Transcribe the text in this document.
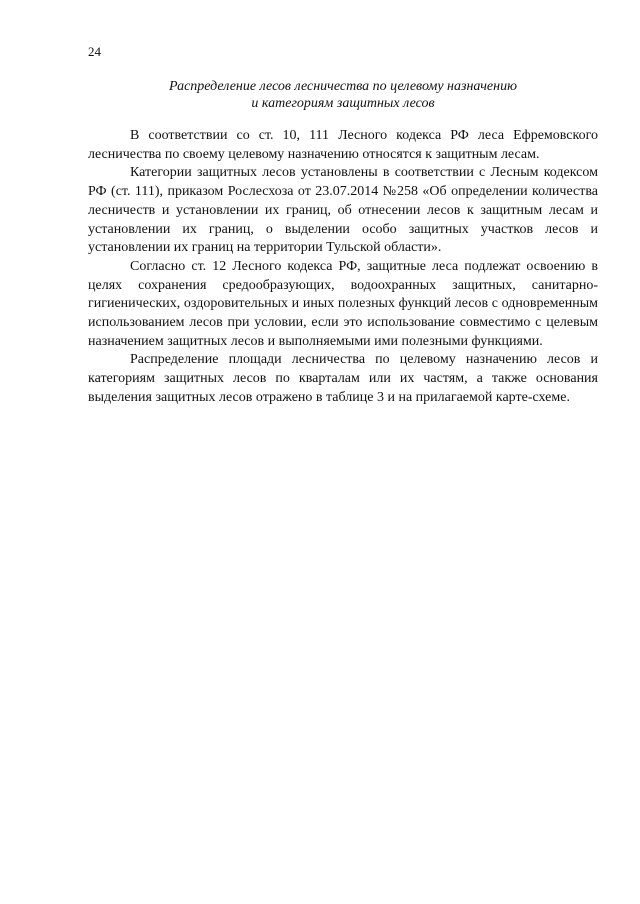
24
Распределение лесов лесничества по целевому назначению
и категориям защитных лесов

В соответствии со ст. 10, 111 Лесного кодекса РФ леса Ефремовского лесничества по своему целевому назначению относятся к защитным лесам.

Категории защитных лесов установлены в соответствии с Лесным кодексом РФ (ст. 111), приказом Рослесхоза от 23.07.2014 №258 «Об определении количества лесничеств и установлении их границ, об отнесении лесов к защитным лесам и установлении их границ, о выделении особо защитных участков лесов и установлении их границ на территории Тульской области».

Согласно ст. 12 Лесного кодекса РФ, защитные леса подлежат освоению в целях сохранения средообразующих, водоохранных защитных, санитарно-гигиенических, оздоровительных и иных полезных функций лесов с одновременным использованием лесов при условии, если это использование совместимо с целевым назначением защитных лесов и выполняемыми ими полезными функциями.

Распределение площади лесничества по целевому назначению лесов и категориям защитных лесов по кварталам или их частям, а также основания выделения защитных лесов отражено в таблице 3 и на прилагаемой карте-схеме.
